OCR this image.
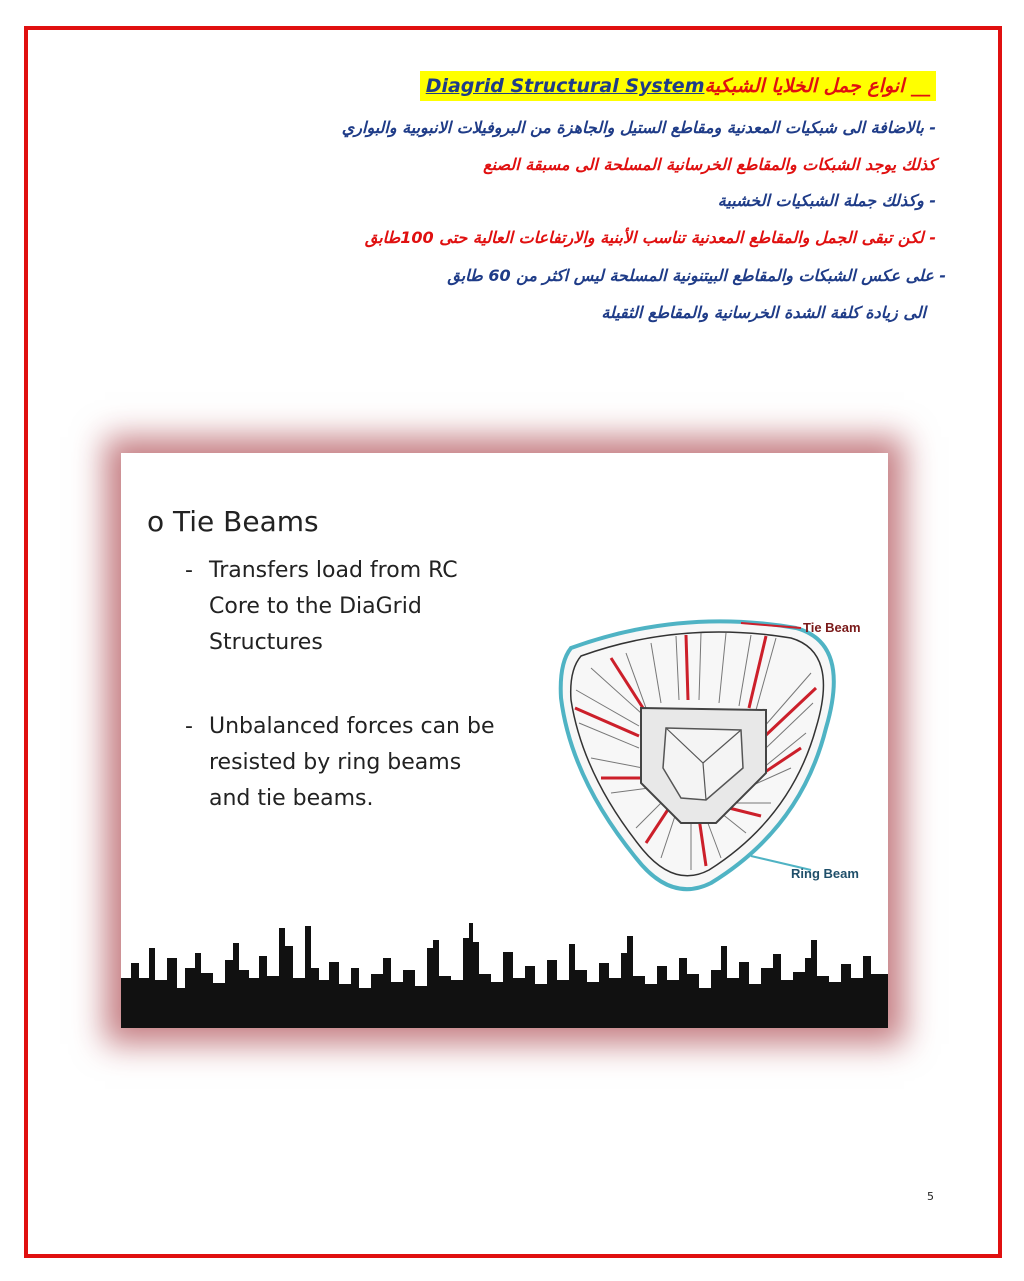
Diagrid Structural System انواع جمل الخلايا الشبكية __
- بالاضافة الى شبكيات المعدنية ومقاطع الستيل والجاهزة من البروفيلات الانبوبية والبواري
كذلك يوجد الشبكات والمقاطع الخرسانية المسلحة الى مسبقة الصنع
- وكذلك جملة الشبكيات الخشبية
- لكن تبقى الجمل والمقاطع المعدنية تناسب الأبنية والارتفاعات العالية حتى 100طابق
- على عكس الشبكات والمقاطع البيتنونية المسلحة ليس اكثر من 60 طابق
الى زيادة كلفة الشدة الخرسانية والمقاطع الثقيلة
o Tie Beams
- Transfers load from RC Core to the DiaGrid Structures
- Unbalanced forces can be resisted by ring beams and tie beams.
Tie Beam
Ring Beam
5
